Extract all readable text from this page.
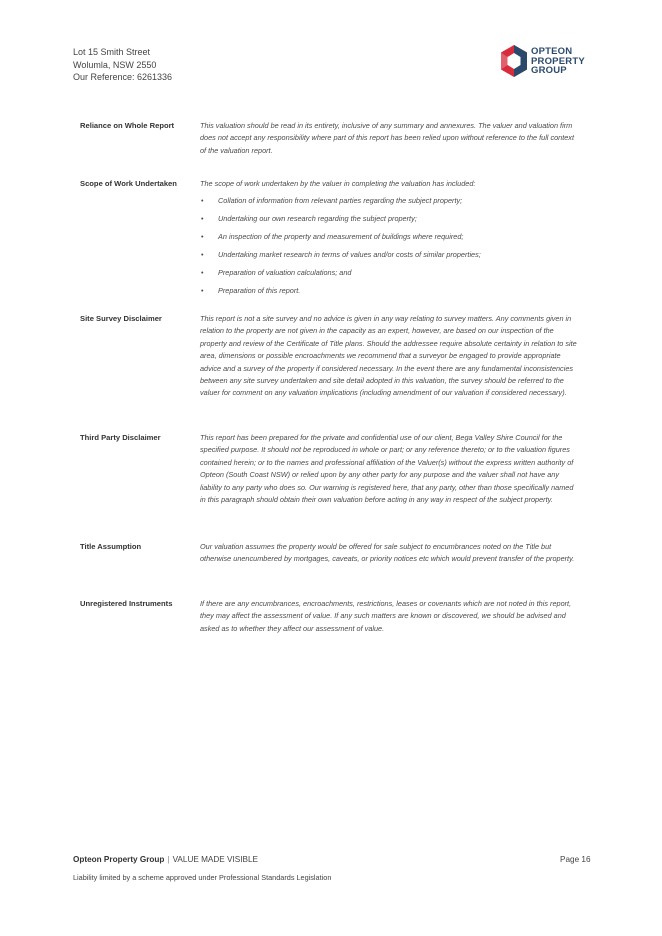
Lot 15 Smith Street
Wolumla, NSW 2550
Our Reference: 6261336
OPTEON
PROPERTY
GROUP
Reliance on Whole Report	This valuation should be read in its entirety, inclusive of any summary and annexures. The valuer and valuation firm does not accept any responsibility where part of this report has been relied upon without reference to the full context of the valuation report.
Scope of Work Undertaken	The scope of work undertaken by the valuer in completing the valuation has included:
• Collation of information from relevant parties regarding the subject property;
• Undertaking our own research regarding the subject property;
• An inspection of the property and measurement of buildings where required;
• Undertaking market research in terms of values and/or costs of similar properties;
• Preparation of valuation calculations; and
• Preparation of this report.
Site Survey Disclaimer	This report is not a site survey and no advice is given in any way relating to survey matters. Any comments given in relation to the property are not given in the capacity as an expert, however, are based on our inspection of the property and review of the Certificate of Title plans. Should the addressee require absolute certainty in relation to site area, dimensions or possible encroachments we recommend that a surveyor be engaged to provide appropriate advice and a survey of the property if considered necessary. In the event there are any fundamental inconsistencies between any site survey undertaken and site detail adopted in this valuation, the survey should be referred to the valuer for comment on any valuation implications (including amendment of our valuation if considered necessary).
Third Party Disclaimer	This report has been prepared for the private and confidential use of our client, Bega Valley Shire Council for the specified purpose. It should not be reproduced in whole or part; or any reference thereto; or to the valuation figures contained herein; or to the names and professional affiliation of the Valuer(s) without the express written authority of Opteon (South Coast NSW) or relied upon by any other party for any purpose and the valuer shall not have any liability to any party who does so. Our warning is registered here, that any party, other than those specifically named in this paragraph should obtain their own valuation before acting in any way in respect of the subject property.
Title Assumption	Our valuation assumes the property would be offered for sale subject to encumbrances noted on the Title but otherwise unencumbered by mortgages, caveats, or priority notices etc which would prevent transfer of the property.
Unregistered Instruments	If there are any encumbrances, encroachments, restrictions, leases or covenants which are not noted in this report, they may affect the assessment of value. If any such matters are known or discovered, we should be advised and asked as to whether they affect our assessment of value.
Opteon Property Group | VALUE MADE VISIBLE	Page 16
Liability limited by a scheme approved under Professional Standards Legislation
